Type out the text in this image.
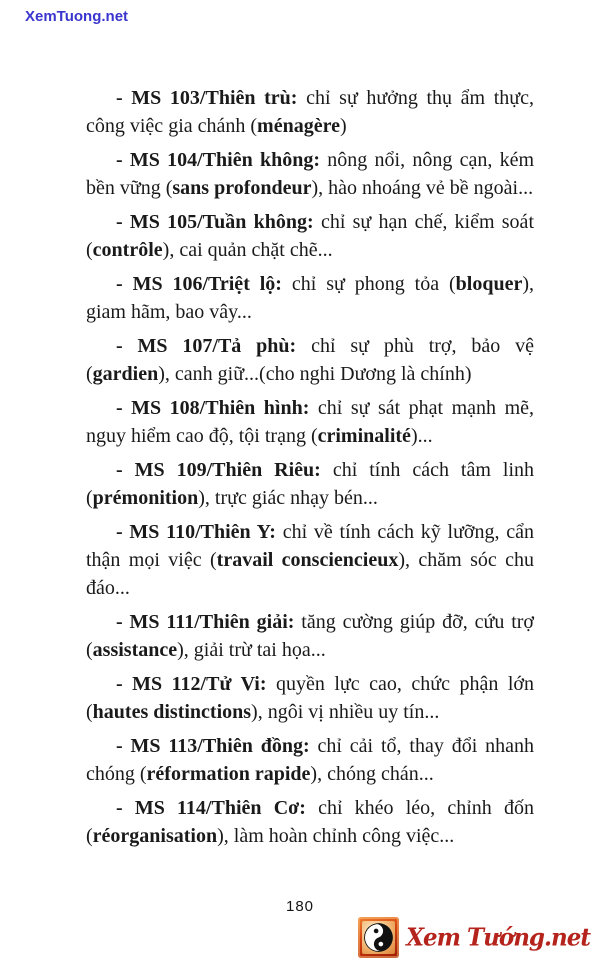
XemTuong.net

- MS 103/Thiên trù: chỉ sự hưởng thụ ẩm thực, công việc gia chánh (ménagère)

- MS 104/Thiên không: nông nổi, nông cạn, kém bền vững (sans profondeur), hào nhoáng vẻ bề ngoài...

- MS 105/Tuần không: chỉ sự hạn chế, kiểm soát (contrôle), cai quản chặt chẽ...

- MS 106/Triệt lộ: chỉ sự phong tỏa (bloquer), giam hãm, bao vây...

- MS 107/Tả phù: chỉ sự phù trợ, bảo vệ (gardien), canh giữ...(cho nghi Dương là chính)

- MS 108/Thiên hình: chỉ sự sát phạt mạnh mẽ, nguy hiểm cao độ, tội trạng (criminalité)...

- MS 109/Thiên Riêu: chỉ tính cách tâm linh (prémonition), trực giác nhạy bén...

- MS 110/Thiên Y: chỉ về tính cách kỹ lưỡng, cẩn thận mọi việc (travail consciencieux), chăm sóc chu đáo...

- MS 111/Thiên giải: tăng cường giúp đỡ, cứu trợ (assistance), giải trừ tai họa...

- MS 112/Tử Vi: quyền lực cao, chức phận lớn (hautes distinctions), ngôi vị nhiều uy tín...

- MS 113/Thiên đồng: chỉ cải tổ, thay đổi nhanh chóng (réformation rapide), chóng chán...

- MS 114/Thiên Cơ: chỉ khéo léo, chỉnh đốn (réorganisation), làm hoàn chỉnh công việc...

180
Xem Tướng.net
